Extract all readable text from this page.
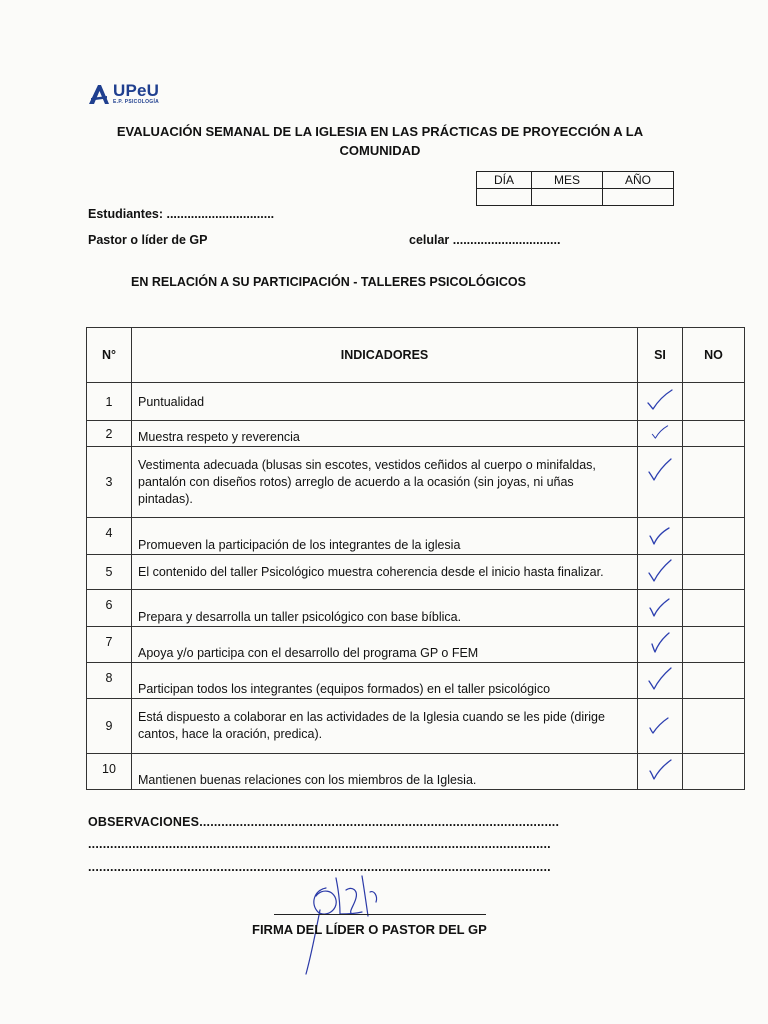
UPeU
E.P. PSICOLOGÍA
EVALUACIÓN SEMANAL DE LA IGLESIA EN LAS PRÁCTICAS DE PROYECCIÓN A LA COMUNIDAD
DÍA	MES	AÑO

Estudiantes: ...............................
Pastor o líder de GP	celular ...............................
EN RELACIÓN A SU PARTICIPACIÓN - TALLERES PSICOLÓGICOS
N°	INDICADORES	SI	NO
1	Puntualidad		
2	Muestra respeto y reverencia		
3	Vestimenta adecuada (blusas sin escotes, vestidos ceñidos al cuerpo o minifaldas, pantalón con diseños rotos) arreglo de acuerdo a la ocasión (sin joyas, ni uñas pintadas).		
4	Promueven la participación de los integrantes de la iglesia		
5	El contenido del taller Psicológico muestra coherencia desde el inicio hasta finalizar.		
6	Prepara y desarrolla un taller psicológico con base bíblica.		
7	Apoya y/o participa con el desarrollo del programa GP o FEM		
8	Participan todos los integrantes (equipos formados) en el taller psicológico		
9	Está dispuesto a colaborar en las actividades de la Iglesia cuando se les pide (dirige cantos, hace la oración, predica).		
10	Mantienen buenas relaciones con los miembros de la Iglesia.		
OBSERVACIONES..................................................................................................
..............................................................................................................................
..............................................................................................................................
FIRMA DEL LÍDER O PASTOR DEL GP
